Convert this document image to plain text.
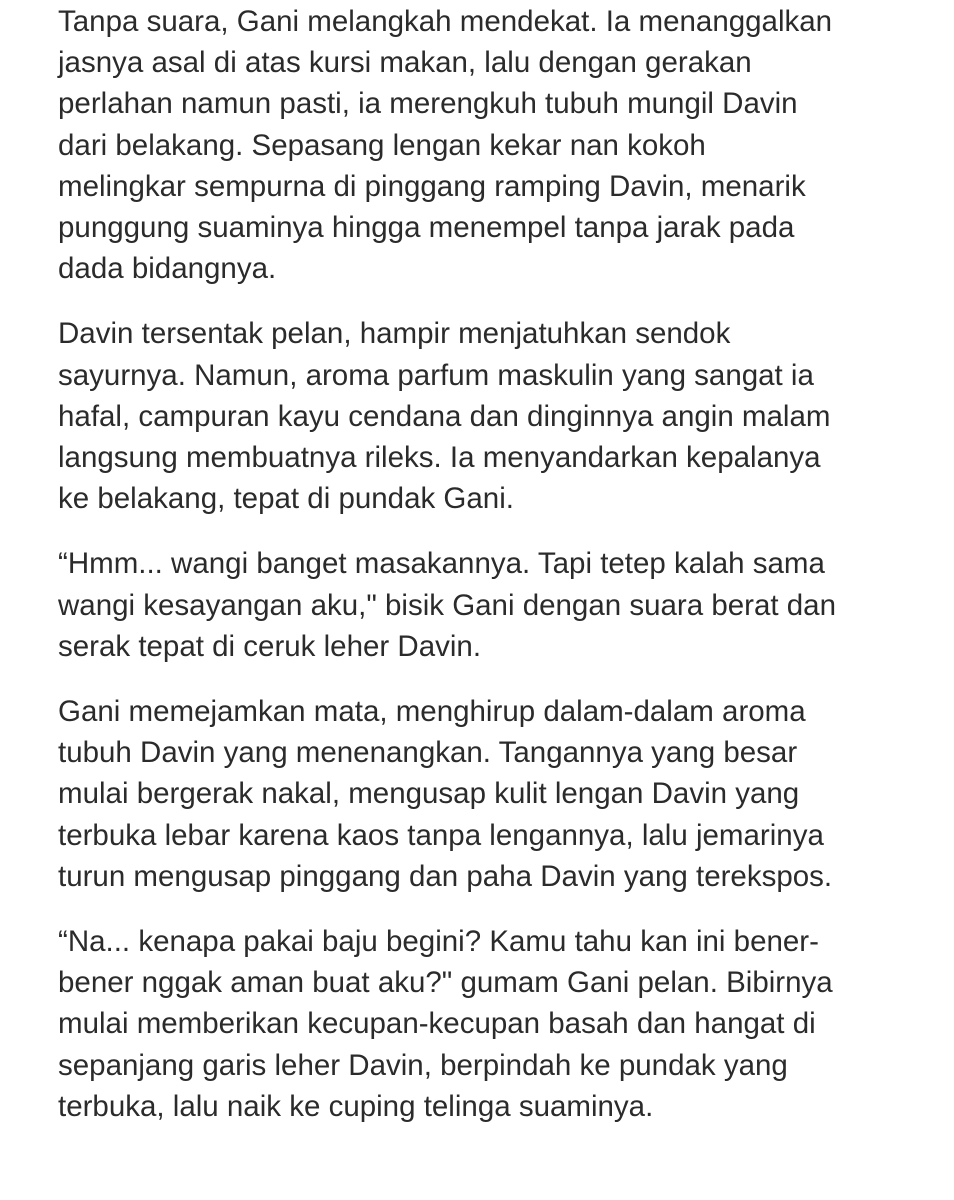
Tanpa suara, Gani melangkah mendekat. Ia menanggalkan
jasnya asal di atas kursi makan, lalu dengan gerakan
perlahan namun pasti, ia merengkuh tubuh mungil Davin
dari belakang. Sepasang lengan kekar nan kokoh
melingkar sempurna di pinggang ramping Davin, menarik
punggung suaminya hingga menempel tanpa jarak pada
dada bidangnya.

Davin tersentak pelan, hampir menjatuhkan sendok
sayurnya. Namun, aroma parfum maskulin yang sangat ia
hafal, campuran kayu cendana dan dinginnya angin malam
langsung membuatnya rileks. Ia menyandarkan kepalanya
ke belakang, tepat di pundak Gani.

“Hmm... wangi banget masakannya. Tapi tetep kalah sama
wangi kesayangan aku," bisik Gani dengan suara berat dan
serak tepat di ceruk leher Davin.

Gani memejamkan mata, menghirup dalam-dalam aroma
tubuh Davin yang menenangkan. Tangannya yang besar
mulai bergerak nakal, mengusap kulit lengan Davin yang
terbuka lebar karena kaos tanpa lengannya, lalu jemarinya
turun mengusap pinggang dan paha Davin yang terekspos.

“Na... kenapa pakai baju begini? Kamu tahu kan ini bener-
bener nggak aman buat aku?" gumam Gani pelan. Bibirnya
mulai memberikan kecupan-kecupan basah dan hangat di
sepanjang garis leher Davin, berpindah ke pundak yang
terbuka, lalu naik ke cuping telinga suaminya.
